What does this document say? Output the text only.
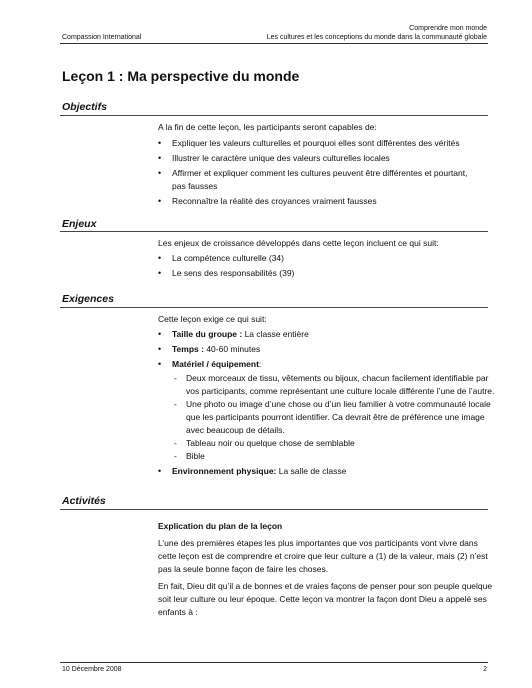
Compassion International
Comprendre mon monde
Les cultures et les conceptions du monde dans la communauté globale
Leçon 1 : Ma perspective du monde
Objectifs
A la fin de cette leçon, les participants seront capables de:
• Expliquer les valeurs culturelles et pourquoi elles sont différentes des vérités
• Illustrer le caractère unique des valeurs culturelles locales
• Affirmer et expliquer comment les cultures peuvent être différentes et pourtant, pas fausses
• Reconnaître la réalité des croyances vraiment fausses
Enjeux
Les enjeux de croissance développés dans cette leçon incluent ce qui suit:
• La compétence culturelle (34)
• Le sens des responsabilités (39)
Exigences
Cette leçon exige ce qui suit:
• Taille du groupe : La classe entière
• Temps : 40-60 minutes
• Matériel / équipement:
- Deux morceaux de tissu, vêtements ou bijoux, chacun facilement identifiable par vos participants, comme représentant une culture locale différente l’une de l’autre.
- Une photo ou image d’une chose ou d’un lieu familier à votre communauté locale que les participants pourront identifier. Ca devrait être de préférence une image avec beaucoup de détails.
- Tableau noir ou quelque chose de semblable
- Bible
• Environnement physique: La salle de classe
Activités
Explication du plan de la leçon
L’une des premières étapes les plus importantes que vos participants vont vivre dans cette leçon est de comprendre et croire que leur culture a (1) de la valeur, mais (2) n’est pas la seule bonne façon de faire les choses.
En fait, Dieu dit qu’il a de bonnes et de vraies façons de penser pour son peuple quelque soit leur culture ou leur époque. Cette leçon va montrer la façon dont Dieu a appelé ses enfants à :
10 Décembre 2008	2
